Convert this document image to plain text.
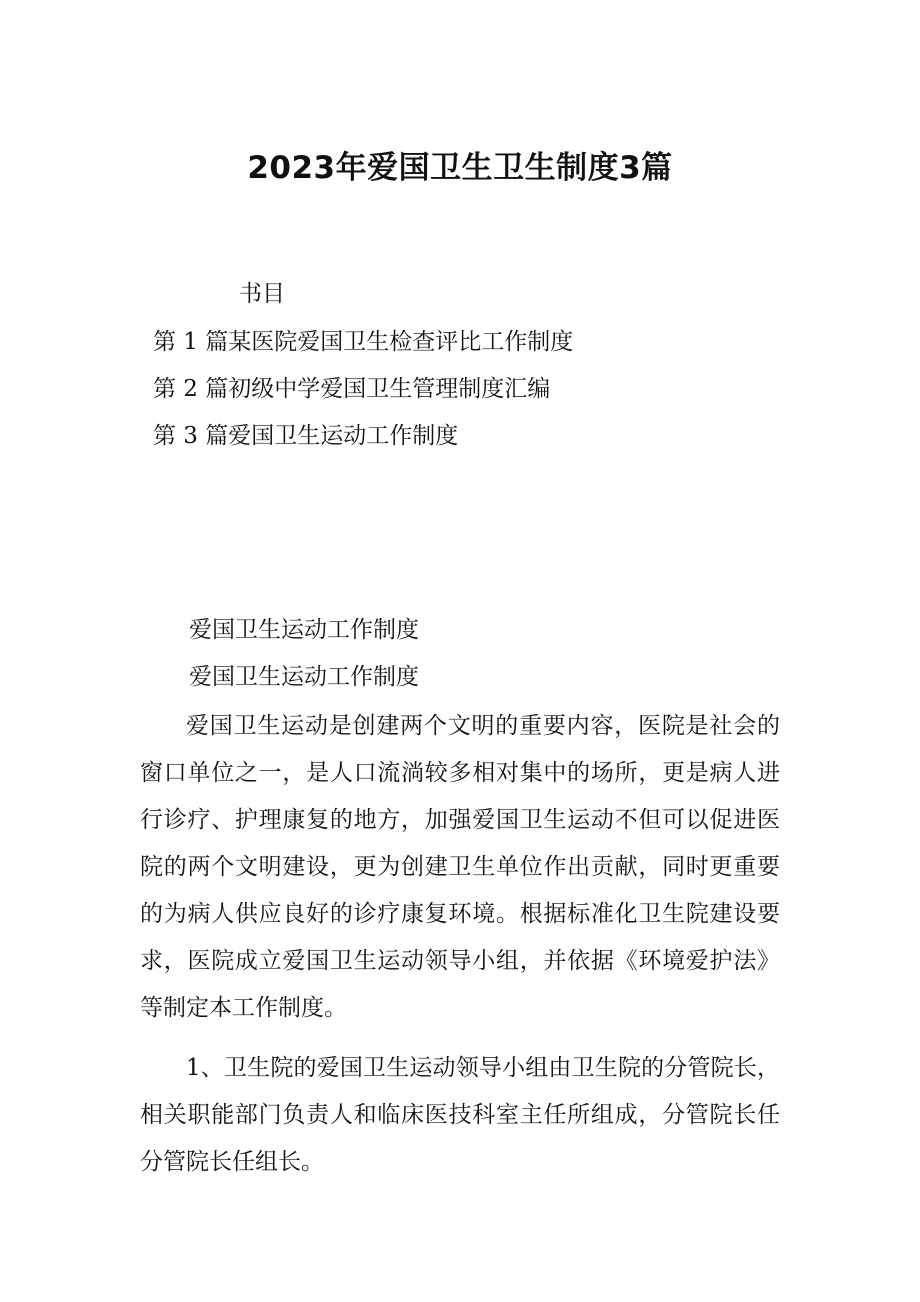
2023年爱国卫生卫生制度3篇
书目
第 1 篇某医院爱国卫生检查评比工作制度
第 2 篇初级中学爱国卫生管理制度汇编
第 3 篇爱国卫生运动工作制度
爱国卫生运动工作制度
爱国卫生运动工作制度

爱国卫生运动是创建两个文明的重要内容，医院是社会的窗口单位之一，是人口流淌较多相对集中的场所，更是病人进行诊疗、护理康复的地方，加强爱国卫生运动不但可以促进医院的两个文明建设，更为创建卫生单位作出贡献，同时更重要的为病人供应良好的诊疗康复环境。根据标准化卫生院建设要求，医院成立爱国卫生运动领导小组，并依据《环境爱护法》等制定本工作制度。

1、卫生院的爱国卫生运动领导小组由卫生院的分管院长，相关职能部门负责人和临床医技科室主任所组成，分管院长任分管院长任组长。
